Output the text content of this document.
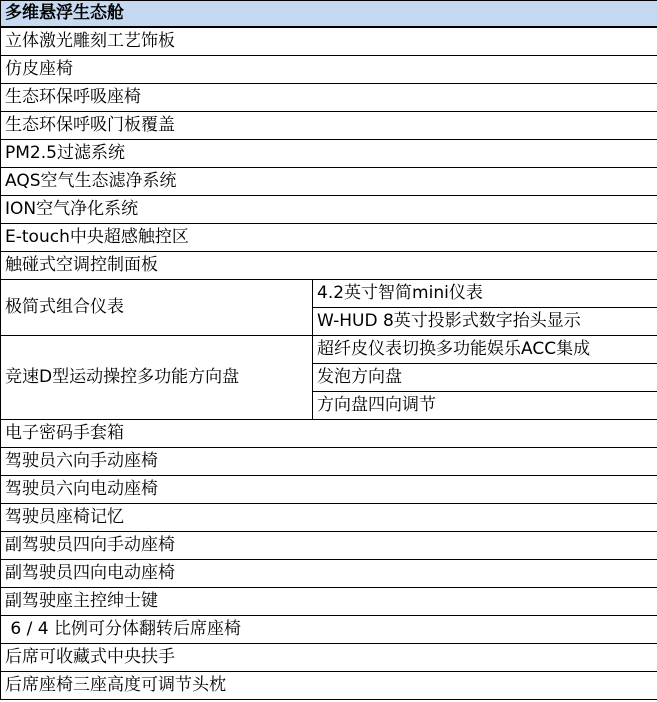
多维悬浮生态舱	
立体激光雕刻工艺饰板	
仿皮座椅	
生态环保呼吸座椅	
生态环保呼吸门板覆盖	
PM2.5过滤系统	
AQS空气生态滤净系统	
ION空气净化系统	
E-touch中央超感触控区	
触碰式空调控制面板	
极简式组合仪表	4.2英寸智简mini仪表
	W-HUD 8英寸投影式数字抬头显示
竞速D型运动操控多功能方向盘	超纤皮仪表切换多功能娱乐ACC集成
	发泡方向盘
	方向盘四向调节
电子密码手套箱	
驾驶员六向手动座椅	
驾驶员六向电动座椅	
驾驶员座椅记忆	
副驾驶员四向手动座椅	
副驾驶员四向电动座椅	
副驾驶座主控绅士键	
6 / 4 比例可分体翻转后席座椅	
后席可收藏式中央扶手	
后席座椅三座高度可调节头枕	
